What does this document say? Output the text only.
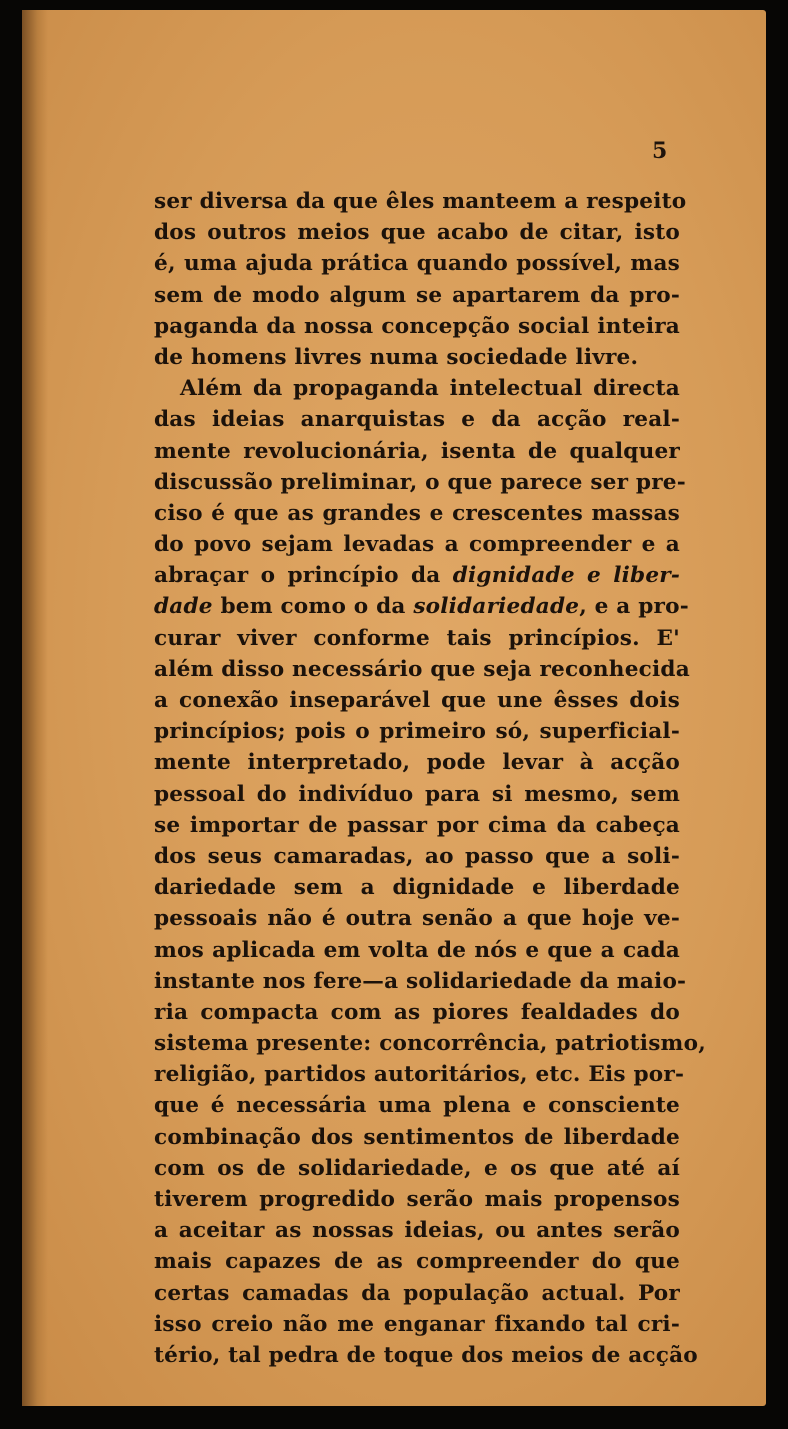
5
ser diversa da que êles manteem a respeito
dos outros meios que acabo de citar, isto
é, uma ajuda prática quando possível, mas
sem de modo algum se apartarem da pro-
paganda da nossa concepção social inteira
de homens livres numa sociedade livre.
Além da propaganda intelectual directa
das ideias anarquistas e da acção real-
mente revolucionária, isenta de qualquer
discussão preliminar, o que parece ser pre-
ciso é que as grandes e crescentes massas
do povo sejam levadas a compreender e a
abraçar o princípio da dignidade e liber-
dade bem como o da solidariedade, e a pro-
curar viver conforme tais princípios. E'
além disso necessário que seja reconhecida
a conexão inseparável que une êsses dois
princípios; pois o primeiro só, superficial-
mente interpretado, pode levar à acção
pessoal do indivíduo para si mesmo, sem
se importar de passar por cima da cabeça
dos seus camaradas, ao passo que a soli-
dariedade sem a dignidade e liberdade
pessoais não é outra senão a que hoje ve-
mos aplicada em volta de nós e que a cada
instante nos fere—a solidariedade da maio-
ria compacta com as piores fealdades do
sistema presente: concorrência, patriotismo,
religião, partidos autoritários, etc. Eis por-
que é necessária uma plena e consciente
combinação dos sentimentos de liberdade
com os de solidariedade, e os que até aí
tiverem progredido serão mais propensos
a aceitar as nossas ideias, ou antes serão
mais capazes de as compreender do que
certas camadas da população actual. Por
isso creio não me enganar fixando tal cri-
tério, tal pedra de toque dos meios de acção
